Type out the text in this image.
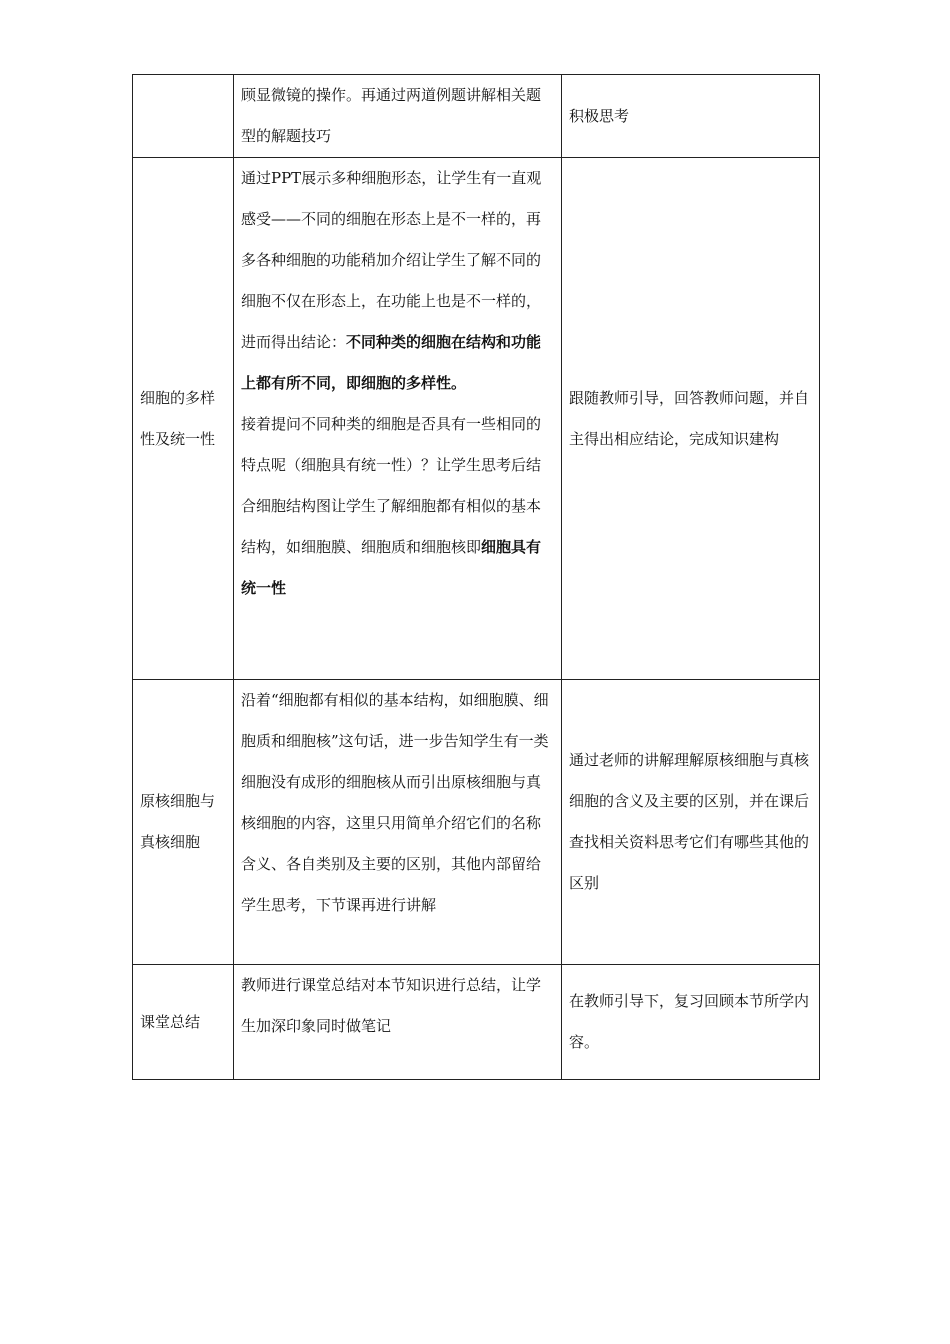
	顾显微镜的操作。再通过两道例题讲解相关题型的解题技巧	积极思考
细胞的多样性及统一性	通过PPT展示多种细胞形态，让学生有一直观感受——不同的细胞在形态上是不一样的，再多各种细胞的功能稍加介绍让学生了解不同的细胞不仅在形态上，在功能上也是不一样的，进而得出结论：不同种类的细胞在结构和功能上都有所不同，即细胞的多样性。

接着提问不同种类的细胞是否具有一些相同的特点呢（细胞具有统一性）？让学生思考后结合细胞结构图让学生了解细胞都有相似的基本结构，如细胞膜、细胞质和细胞核即细胞具有统一性	跟随教师引导，回答教师问题，并自主得出相应结论，完成知识建构
原核细胞与真核细胞	沿着“细胞都有相似的基本结构，如细胞膜、细胞质和细胞核”这句话，进一步告知学生有一类细胞没有成形的细胞核从而引出原核细胞与真核细胞的内容，这里只用简单介绍它们的名称含义、各自类别及主要的区别，其他内部留给学生思考，下节课再进行讲解	通过老师的讲解理解原核细胞与真核细胞的含义及主要的区别，并在课后查找相关资料思考它们有哪些其他的区别
课堂总结	教师进行课堂总结对本节知识进行总结，让学生加深印象同时做笔记	在教师引导下，复习回顾本节所学内容。
